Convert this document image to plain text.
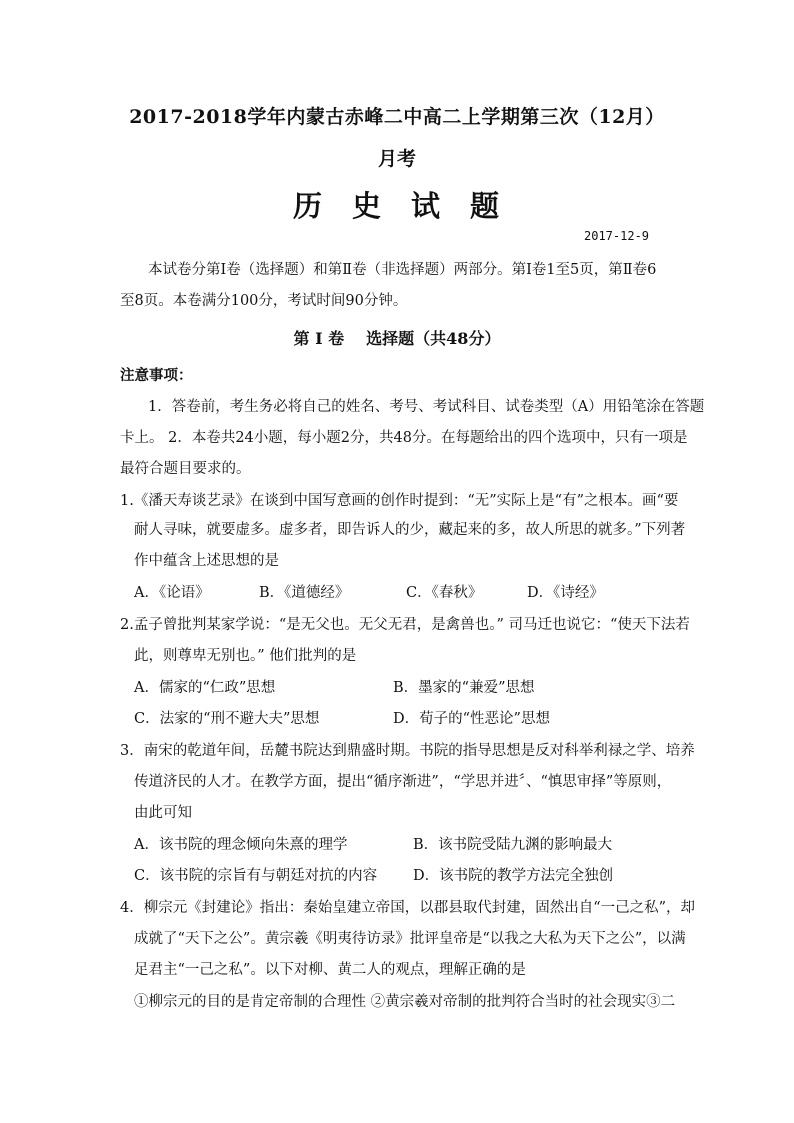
2017-2018学年内蒙古赤峰二中高二上学期第三次（12月）
月考
历 史 试 题
2017-12-9
本试卷分第Ⅰ卷（选择题）和第Ⅱ卷（非选择题）两部分。第Ⅰ卷1至5页，第Ⅱ卷6
至8页。本卷满分100分，考试时间90分钟。
第 Ⅰ 卷 选择题（共48分）
注意事项：
1．答卷前，考生务必将自己的姓名、考号、考试科目、试卷类型（A）用铅笔涂在答题
卡上。 2．本卷共24小题，每小题2分，共48分。在每题给出的四个选项中，只有一项是
最符合题目要求的。
1.《潘天寿谈艺录》在谈到中国写意画的创作时提到：“无”实际上是“有”之根本。画“要
耐人寻味，就要虚多。虚多者，即告诉人的少，藏起来的多，故人所思的就多。”下列著
作中蕴含上述思想的是
A．《论语》	B．《道德经》	C．《春秋》	D．《诗经》
2.孟子曾批判某家学说：“是无父也。无父无君，是禽兽也。” 司马迁也说它：“使天下法若
此，则尊卑无别也。” 他们批判的是
A．儒家的“仁政”思想	B．墨家的“兼爱”思想
C．法家的“刑不避大夫”思想	D．荀子的“性恶论”思想
3．南宋的乾道年间，岳麓书院达到鼎盛时期。书院的指导思想是反对科举利禄之学、培养
传道济民的人才。在教学方面，提出“循序渐进”，“学思并进〞、“慎思审择”等原则，
由此可知
A．该书院的理念倾向朱熹的理学	B．该书院受陆九渊的影响最大
C．该书院的宗旨有与朝廷对抗的内容 D．该书院的教学方法完全独创
4．柳宗元《封建论》指出：秦始皇建立帝国，以郡县取代封建，固然出自“一己之私”，却
成就了“天下之公”。黄宗羲《明夷待访录》批评皇帝是“以我之大私为天下之公”，以满
足君主“一己之私”。以下对柳、黄二人的观点，理解正确的是
①柳宗元的目的是肯定帝制的合理性 ②黄宗羲对帝制的批判符合当时的社会现实③二
